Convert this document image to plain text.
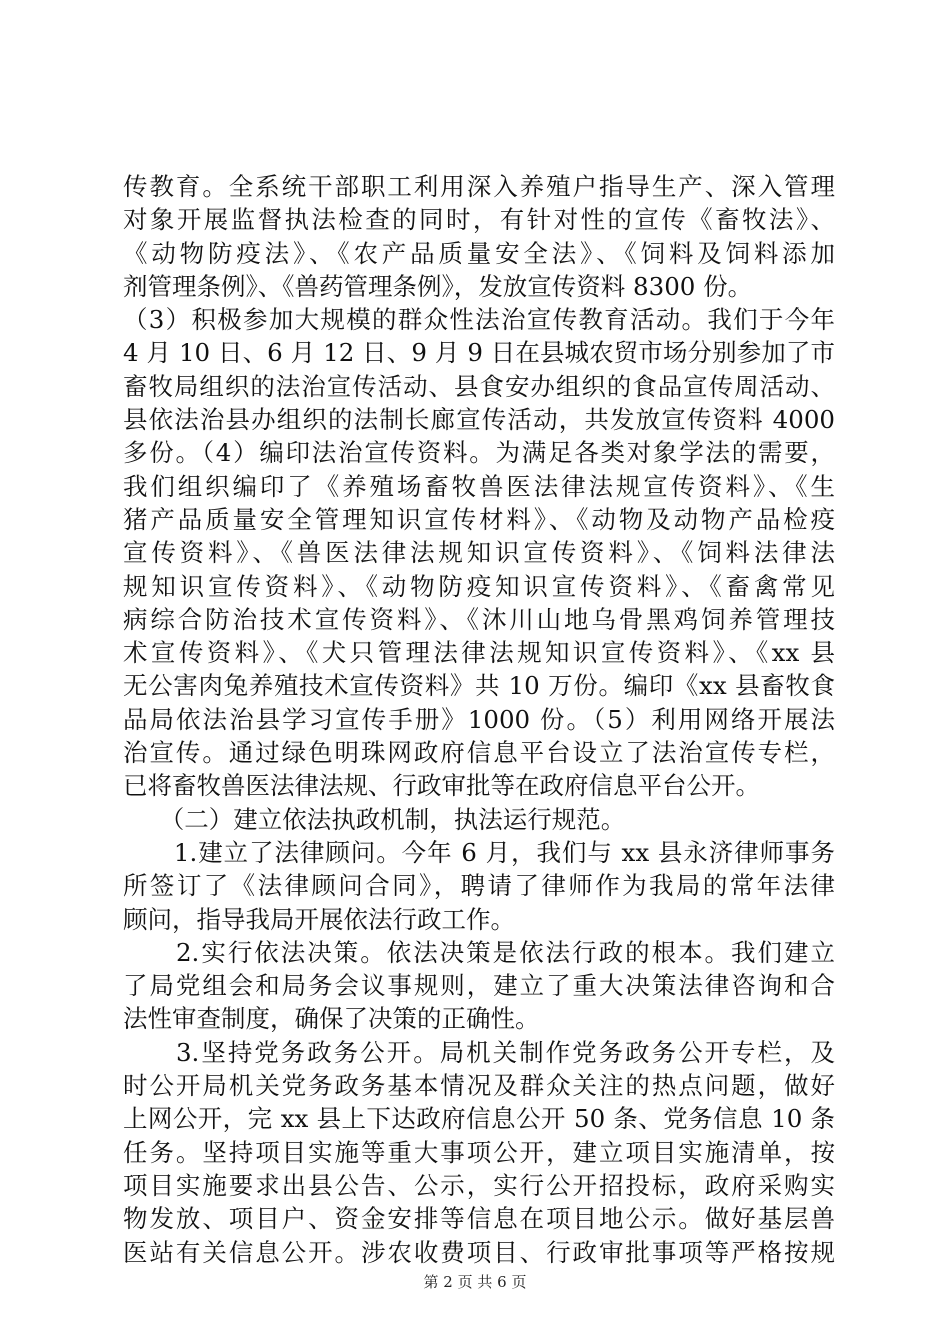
传教育。全系统干部职工利用深入养殖户指导生产、深入管理
对象开展监督执法检查的同时，有针对性的宣传《畜牧法》、
《动物防疫法》、《农产品质量安全法》、《饲料及饲料添加
剂管理条例》、《兽药管理条例》，发放宣传资料 8300 份。
（3）积极参加大规模的群众性法治宣传教育活动。我们于今年
4 月 10 日、6 月 12 日、9 月 9 日在县城农贸市场分别参加了市
畜牧局组织的法治宣传活动、县食安办组织的食品宣传周活动、
县依法治县办组织的法制长廊宣传活动，共发放宣传资料 4000
多份。（4）编印法治宣传资料。为满足各类对象学法的需要，
我们组织编印了《养殖场畜牧兽医法律法规宣传资料》、《生
猪产品质量安全管理知识宣传材料》、《动物及动物产品检疫
宣传资料》、《兽医法律法规知识宣传资料》、《饲料法律法
规知识宣传资料》、《动物防疫知识宣传资料》、《畜禽常见
病综合防治技术宣传资料》、《沐川山地乌骨黑鸡饲养管理技
术宣传资料》、《犬只管理法律法规知识宣传资料》、《xx 县
无公害肉兔养殖技术宣传资料》共 10 万份。编印《xx 县畜牧食
品局依法治县学习宣传手册》1000 份。（5）利用网络开展法
治宣传。通过绿色明珠网政府信息平台设立了法治宣传专栏，
已将畜牧兽医法律法规、行政审批等在政府信息平台公开。
　　（二）建立依法执政机制，执法运行规范。
　　1.建立了法律顾问。今年 6 月，我们与 xx 县永济律师事务
所签订了《法律顾问合同》，聘请了律师作为我局的常年法律
顾问，指导我局开展依法行政工作。
　　2.实行依法决策。依法决策是依法行政的根本。我们建立
了局党组会和局务会议事规则，建立了重大决策法律咨询和合
法性审查制度，确保了决策的正确性。
　　3.坚持党务政务公开。局机关制作党务政务公开专栏，及
时公开局机关党务政务基本情况及群众关注的热点问题，做好
上网公开，完 xx 县上下达政府信息公开 50 条、党务信息 10 条
任务。坚持项目实施等重大事项公开，建立项目实施清单，按
项目实施要求出县公告、公示，实行公开招投标，政府采购实
物发放、项目户、资金安排等信息在项目地公示。做好基层兽
医站有关信息公开。涉农收费项目、行政审批事项等严格按规
第 2 页 共 6 页
